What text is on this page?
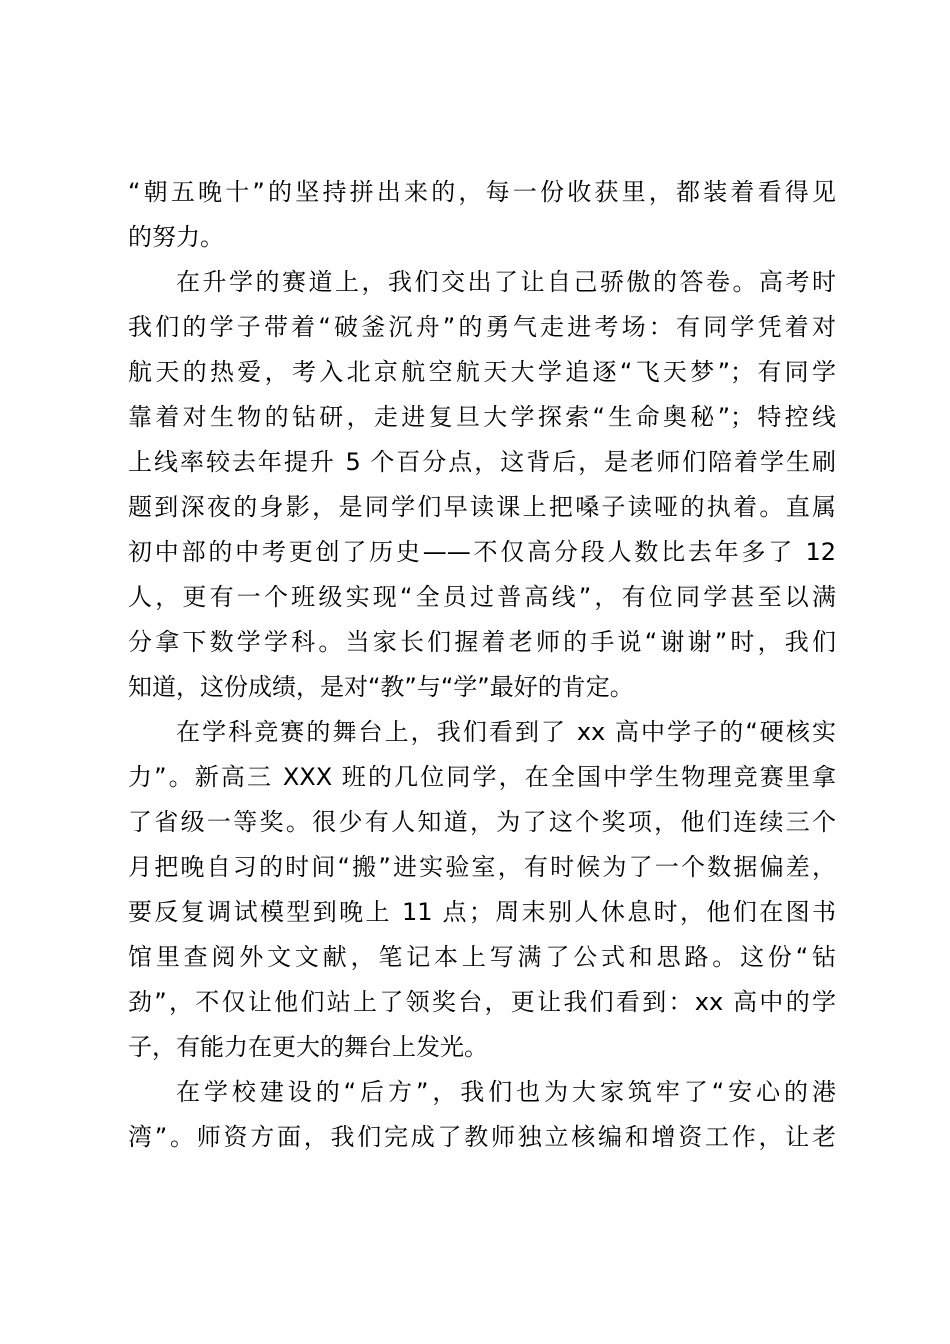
“朝五晚十”的坚持拼出来的，每一份收获里，都装着看得见
的努力。
在升学的赛道上，我们交出了让自己骄傲的答卷。高考时
我们的学子带着“破釜沉舟”的勇气走进考场：有同学凭着对
航天的热爱，考入北京航空航天大学追逐“飞天梦”；有同学
靠着对生物的钻研，走进复旦大学探索“生命奥秘”；特控线
上线率较去年提升 5 个百分点，这背后，是老师们陪着学生刷
题到深夜的身影，是同学们早读课上把嗓子读哑的执着。直属
初中部的中考更创了历史——不仅高分段人数比去年多了 12
人，更有一个班级实现“全员过普高线”，有位同学甚至以满
分拿下数学学科。当家长们握着老师的手说“谢谢”时，我们
知道，这份成绩，是对“教”与“学”最好的肯定。
在学科竞赛的舞台上，我们看到了 xx 高中学子的“硬核实
力”。新高三 XXX 班的几位同学，在全国中学生物理竞赛里拿
了省级一等奖。很少有人知道，为了这个奖项，他们连续三个
月把晚自习的时间“搬”进实验室，有时候为了一个数据偏差，
要反复调试模型到晚上 11 点；周末别人休息时，他们在图书
馆里查阅外文文献，笔记本上写满了公式和思路。这份“钻
劲”，不仅让他们站上了领奖台，更让我们看到：xx 高中的学
子，有能力在更大的舞台上发光。
在学校建设的“后方”，我们也为大家筑牢了“安心的港
湾”。师资方面，我们完成了教师独立核编和增资工作，让老
